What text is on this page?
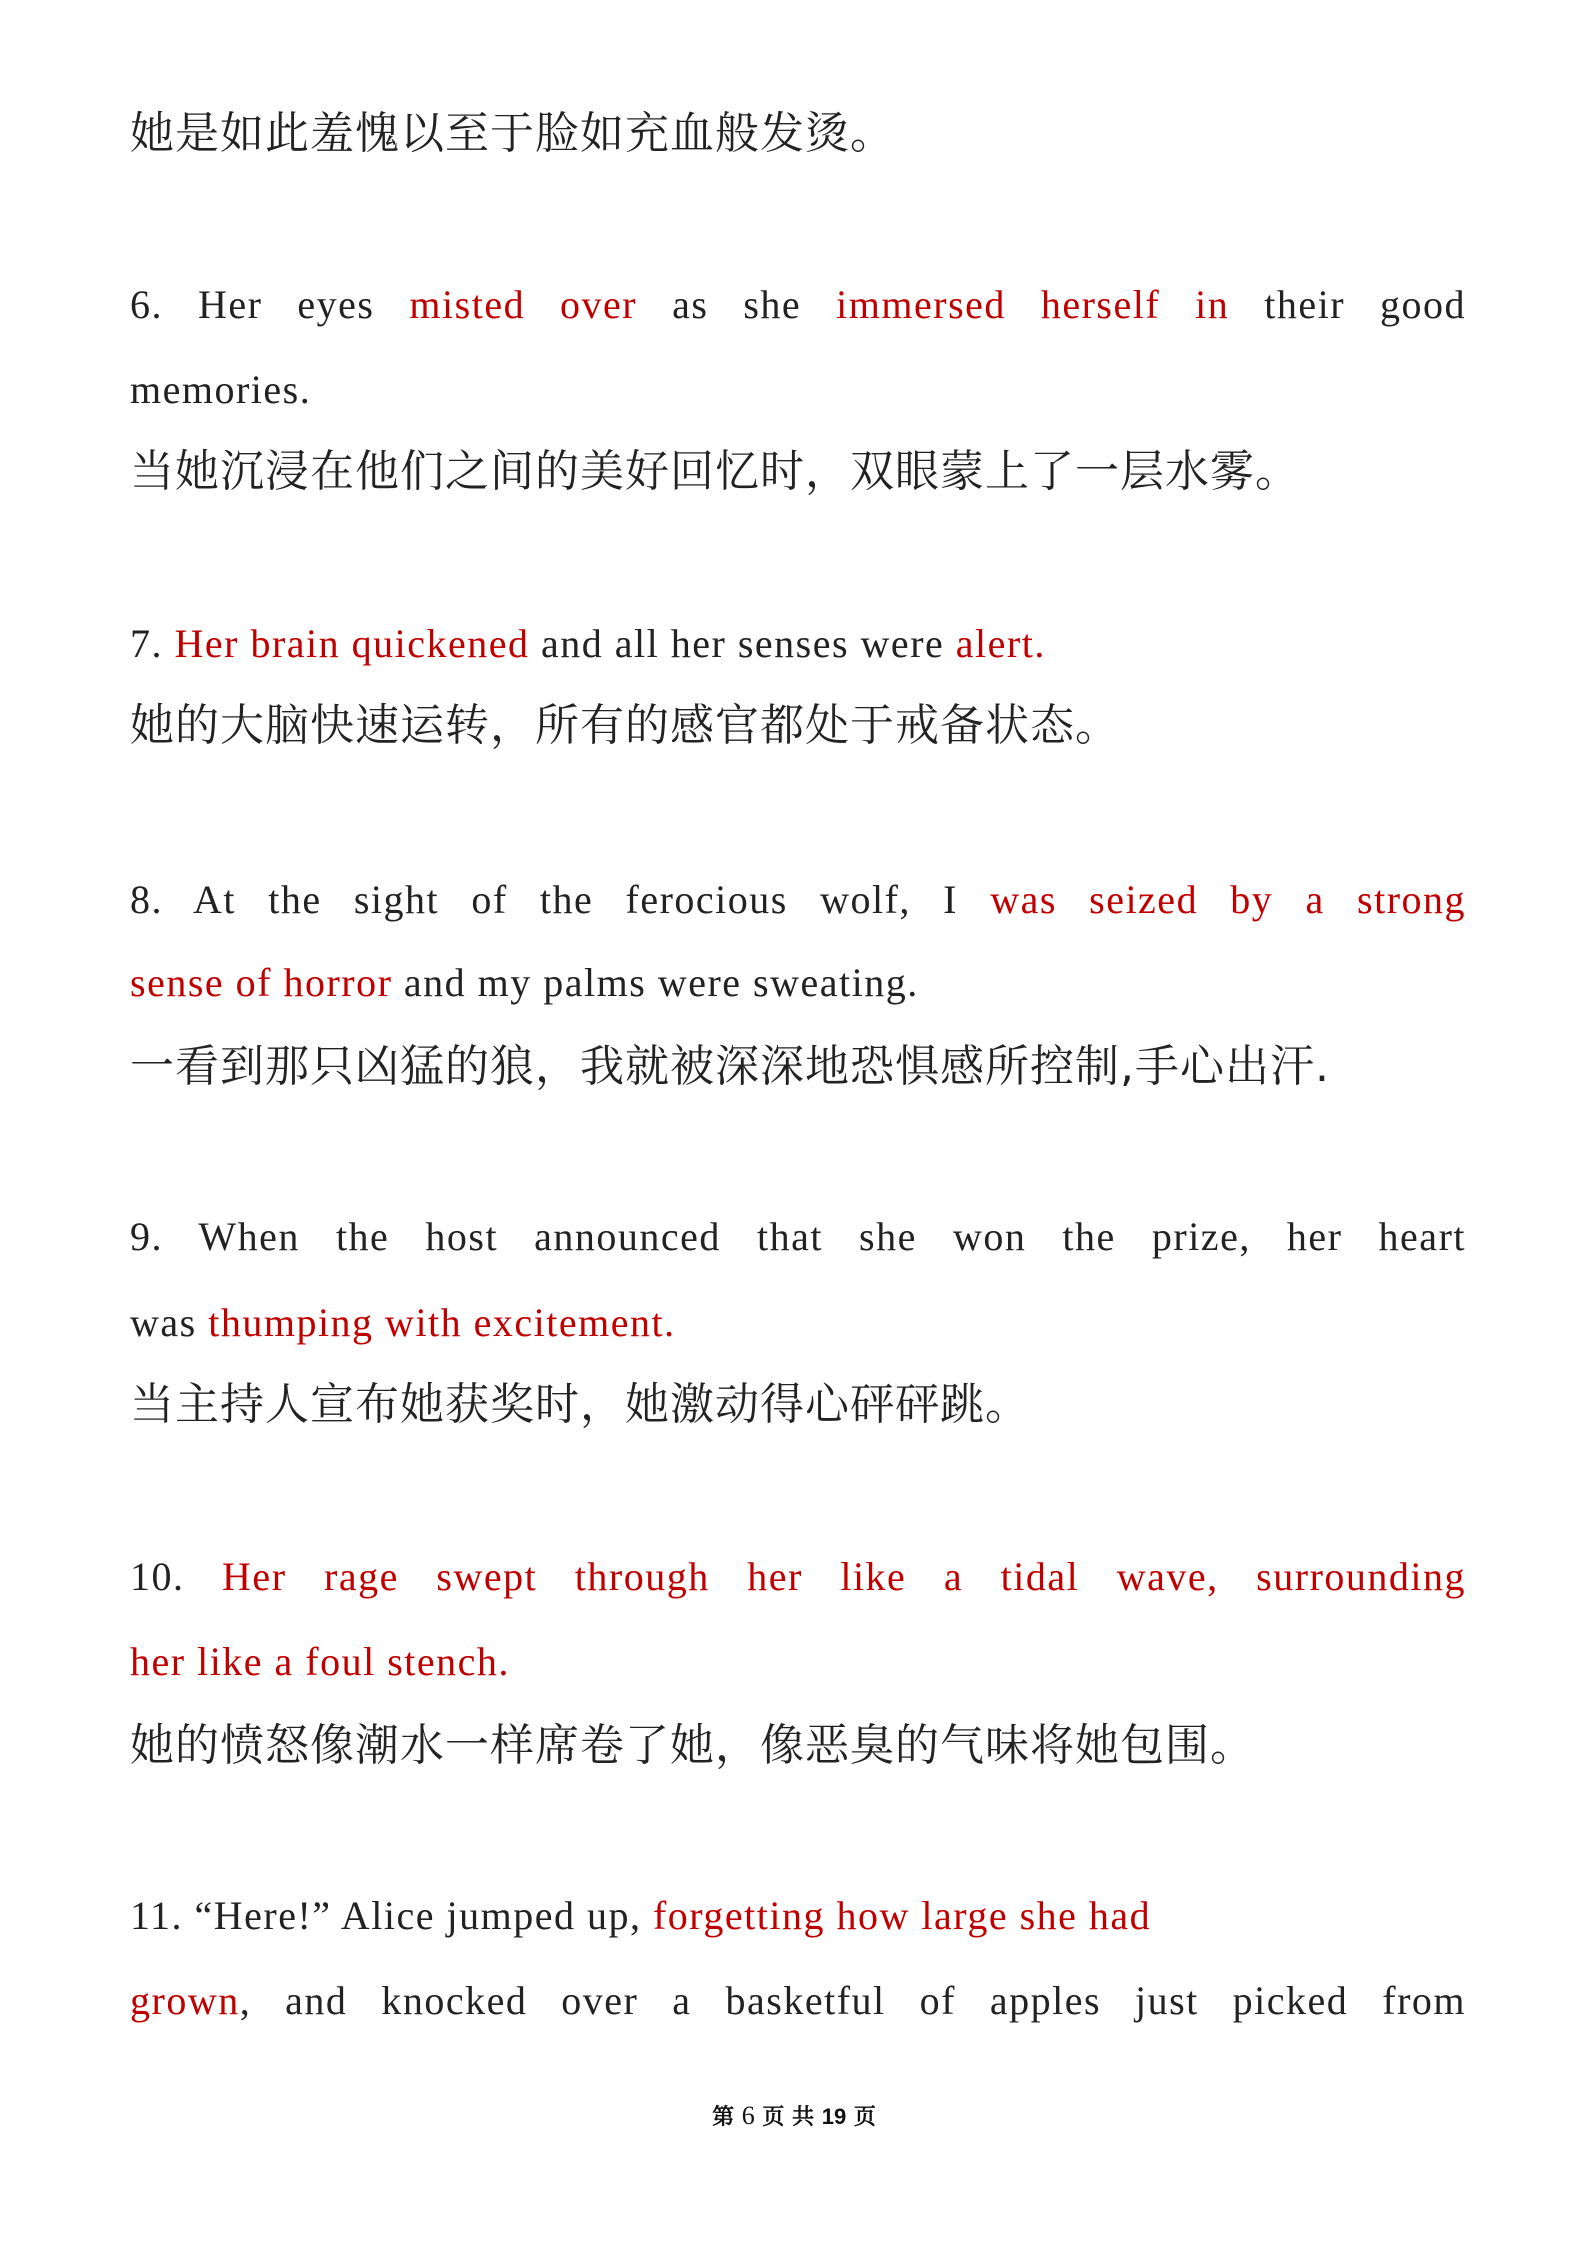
她是如此羞愧以至于脸如充血般发烫。
6. Her eyes misted over as she immersed herself in their good
memories.
当她沉浸在他们之间的美好回忆时，双眼蒙上了一层水雾。
7. Her brain quickened and all her senses were alert.
她的大脑快速运转，所有的感官都处于戒备状态。
8. At the sight of the ferocious wolf, I was seized by a strong
sense of horror and my palms were sweating.
一看到那只凶猛的狼，我就被深深地恐惧感所控制,手心出汗.
9. When the host announced that she won the prize, her heart
was thumping with excitement.
当主持人宣布她获奖时，她激动得心砰砰跳。
10. Her rage swept through her like a tidal wave, surrounding
her like a foul stench.
她的愤怒像潮水一样席卷了她，像恶臭的气味将她包围。
11. “Here!” Alice jumped up, forgetting how large she had
grown, and knocked over a basketful of apples just picked from
第 6 页 共 19 页
